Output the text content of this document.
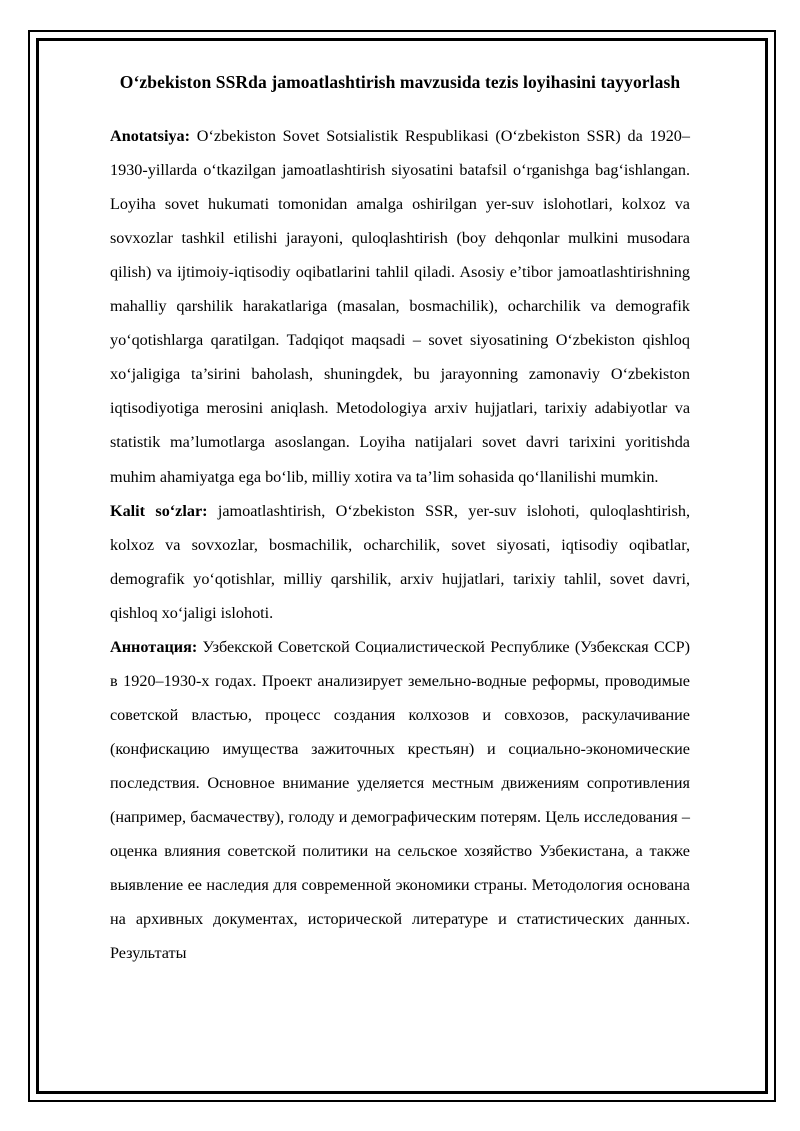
O‘zbekiston SSRda jamoatlashtirish mavzusida tezis loyihasini tayyorlash

Anotatsiya: O‘zbekiston Sovet Sotsialistik Respublikasi (O‘zbekiston SSR) da 1920–1930-yillarda o‘tkazilgan jamoatlashtirish siyosatini batafsil o‘rganishga bag‘ishlangan. Loyiha sovet hukumati tomonidan amalga oshirilgan yer-suv islohotlari, kolxoz va sovxozlar tashkil etilishi jarayoni, quloqlashtirish (boy dehqonlar mulkini musodara qilish) va ijtimoiy-iqtisodiy oqibatlarini tahlil qiladi. Asosiy e’tibor jamoatlashtirishning mahalliy qarshilik harakatlariga (masalan, bosmachilik), ocharchilik va demografik yo‘qotishlarga qaratilgan. Tadqiqot maqsadi – sovet siyosatining O‘zbekiston qishloq xo‘jaligiga ta’sirini baholash, shuningdek, bu jarayonning zamonaviy O‘zbekiston iqtisodiyotiga merosini aniqlash. Metodologiya arxiv hujjatlari, tarixiy adabiyotlar va statistik ma’lumotlarga asoslangan. Loyiha natijalari sovet davri tarixini yoritishda muhim ahamiyatga ega bo‘lib, milliy xotira va ta’lim sohasida qo‘llanilishi mumkin.

Kalit so‘zlar: jamoatlashtirish, O‘zbekiston SSR, yer-suv islohoti, quloqlashtirish, kolxoz va sovxozlar, bosmachilik, ocharchilik, sovet siyosati, iqtisodiy oqibatlar, demografik yo‘qotishlar, milliy qarshilik, arxiv hujjatlari, tarixiy tahlil, sovet davri, qishloq xo‘jaligi islohoti.

Аннотация: Узбекской Советской Социалистической Республике (Узбекская ССР) в 1920–1930-х годах. Проект анализирует земельно-водные реформы, проводимые советской властью, процесс создания колхозов и совхозов, раскулачивание (конфискацию имущества зажиточных крестьян) и социально-экономические последствия. Основное внимание уделяется местным движениям сопротивления (например, басмачеству), голоду и демографическим потерям. Цель исследования – оценка влияния советской политики на сельское хозяйство Узбекистана, а также выявление ее наследия для современной экономики страны. Методология основана на архивных документах, исторической литературе и статистических данных. Результаты
